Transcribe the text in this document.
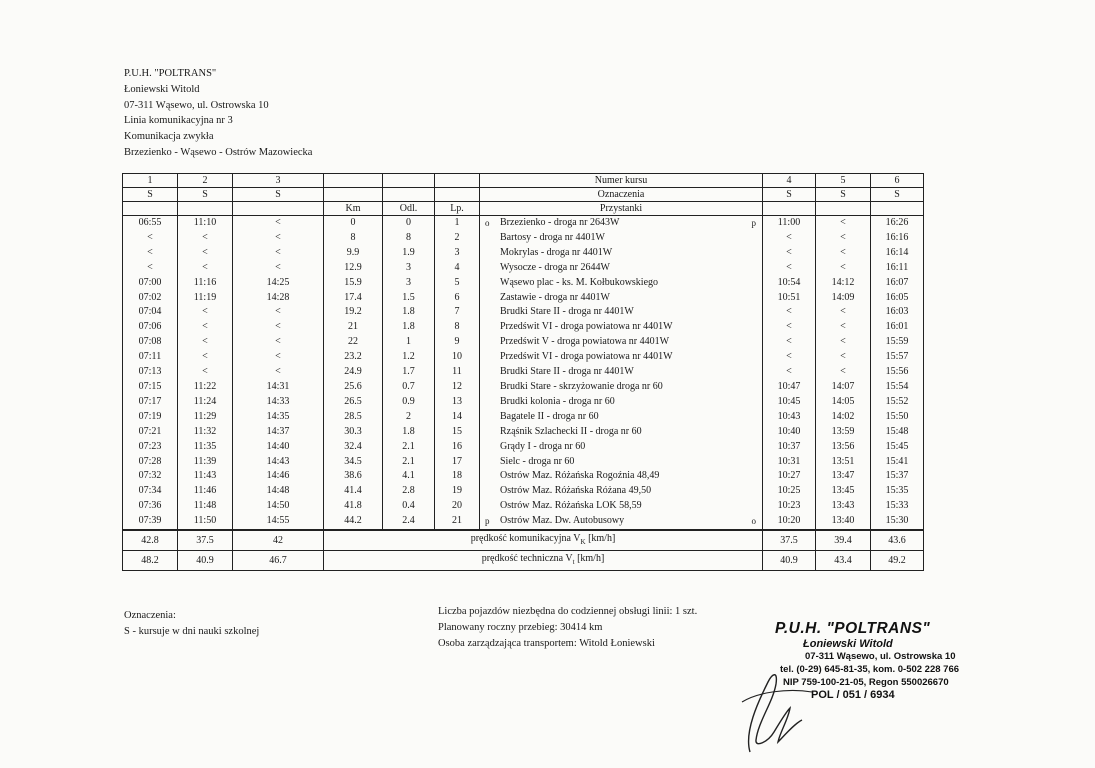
P.U.H. "POLTRANS"
Łoniewski Witold
07-311 Wąsewo, ul. Ostrowska 10
Linia komunikacyjna nr 3
Komunikacja zwykła
Brzezienko - Wąsewo - Ostrów Mazowiecka
1	2	3				Numer kursu	4	5	6
S	S	S				Oznaczenia	S	S	S
			Km	Odl.	Lp.	Przystanki			
06:55	11:10	<	0	0	1	o Brzezienko - droga nr 2643W p	11:00	<	16:26
<	<	<	8	8	2	Bartosy - droga nr 4401W	<	<	16:16
<	<	<	9.9	1.9	3	Mokrylas - droga nr 4401W	<	<	16:14
<	<	<	12.9	3	4	Wysocze - droga nr 2644W	<	<	16:11
07:00	11:16	14:25	15.9	3	5	Wąsewo plac - ks. M. Kołbukowskiego	10:54	14:12	16:07
07:02	11:19	14:28	17.4	1.5	6	Zastawie - droga nr 4401W	10:51	14:09	16:05
07:04	<	<	19.2	1.8	7	Brudki Stare II - droga nr 4401W	<	<	16:03
07:06	<	<	21	1.8	8	Przedświt VI - droga powiatowa nr 4401W	<	<	16:01
07:08	<	<	22	1	9	Przedświt V - droga powiatowa nr 4401W	<	<	15:59
07:11	<	<	23.2	1.2	10	Przedświt VI - droga powiatowa nr 4401W	<	<	15:57
07:13	<	<	24.9	1.7	11	Brudki Stare II - droga nr 4401W	<	<	15:56
07:15	11:22	14:31	25.6	0.7	12	Brudki Stare - skrzyżowanie droga nr 60	10:47	14:07	15:54
07:17	11:24	14:33	26.5	0.9	13	Brudki kolonia - droga nr 60	10:45	14:05	15:52
07:19	11:29	14:35	28.5	2	14	Bagatele II - droga nr 60	10:43	14:02	15:50
07:21	11:32	14:37	30.3	1.8	15	Rząśnik Szlachecki II - droga nr 60	10:40	13:59	15:48
07:23	11:35	14:40	32.4	2.1	16	Grądy I - droga nr 60	10:37	13:56	15:45
07:28	11:39	14:43	34.5	2.1	17	Sielc - droga nr 60	10:31	13:51	15:41
07:32	11:43	14:46	38.6	4.1	18	Ostrów Maz. Różańska Rogoźnia 48,49	10:27	13:47	15:37
07:34	11:46	14:48	41.4	2.8	19	Ostrów Maz. Różańska Różana 49,50	10:25	13:45	15:35
07:36	11:48	14:50	41.8	0.4	20	Ostrów Maz. Różańska LOK 58,59	10:23	13:43	15:33
07:39	11:50	14:55	44.2	2.4	21	p Ostrów Maz. Dw. Autobusowy o	10:20	13:40	15:30
42.8	37.5	42	prędkość komunikacyjna $V_K$ [km/h]				37.5	39.4	43.6
48.2	40.9	46.7	prędkość techniczna $V_t$ [km/h]				40.9	43.4	49.2
Oznaczenia:
S - kursuje w dni nauki szkolnej
Liczba pojazdów niezbędna do codziennej obsługi linii: 1 szt.
Planowany roczny przebieg: 30414 km
Osoba zarządzająca transportem: Witold Łoniewski
P.U.H. "POLTRANS"
Łoniewski Witold
07-311 Wąsewo, ul. Ostrowska 10
tel. (0-29) 645-81-35, kom. 0-502 228 766
NIP 759-100-21-05, Regon 550026670
POL / 051 / 6934
